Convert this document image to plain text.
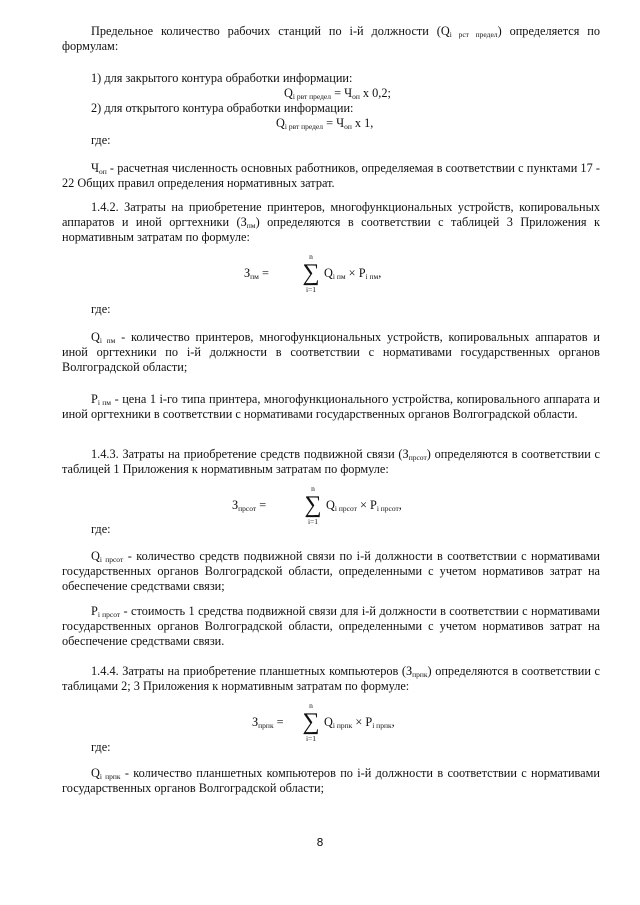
Предельное количество рабочих станций по i-й должности $(Q_{i рст предел})$ определяется по формулам:

1) для закрытого контура обработки информации:

$Q_{i рвт предел} = Ч_{оп}$ х 0,2;

2) для открытого контура обработки информации:

$Q_{i рвт предел} = Ч_{оп}$ х 1,

где:

$Ч_{оп}$ - расчетная численность основных работников, определяемая в соответствии с пунктами 17 - 22 Общих правил определения нормативных затрат.

1.4.2. Затраты на приобретение принтеров, многофункциональных устройств, копировальных аппаратов и иной оргтехники $(З_{пм})$ определяются в соответствии с таблицей 3 Приложения к нормативным затратам по формуле:

$З_{пм}$ =
n
∑
i=1
$Q_{i пм} \times P_{i пм}$,

где:

$Q_{i пм}$ - количество принтеров, многофункциональных устройств, копировальных аппаратов и иной оргтехники по i-й должности в соответствии с нормативами государственных органов Волгоградской области;

$P_{i пм}$ - цена 1 i-го типа принтера, многофункционального устройства, копировального аппарата и иной оргтехники в соответствии с нормативами государственных органов Волгоградской области.

1.4.3. Затраты на приобретение средств подвижной связи $(З_{прсот})$ определяются в соответствии с таблицей 1 Приложения к нормативным затратам по формуле:

$З_{прсот}$ =
n
∑
i=1
$Q_{i прсот} \times P_{i прсот}$,

где:

$Q_{i прсот}$ - количество средств подвижной связи по i-й должности в соответствии с нормативами государственных органов Волгоградской области, определенными с учетом нормативов затрат на обеспечение средствами связи;

$P_{i прсот}$ - стоимость 1 средства подвижной связи для i-й должности в соответствии с нормативами государственных органов Волгоградской области, определенными с учетом нормативов затрат на обеспечение средствами связи.

1.4.4. Затраты на приобретение планшетных компьютеров $(З_{прпк})$ определяются в соответствии с таблицами 2; 3 Приложения к нормативным затратам по формуле:

$З_{прпк}$ =
n
∑
i=1
$Q_{i прпк} \times P_{i прпк}$,

где:

$Q_{i прпк}$ - количество планшетных компьютеров по i-й должности в соответствии с нормативами государственных органов Волгоградской области;

8
